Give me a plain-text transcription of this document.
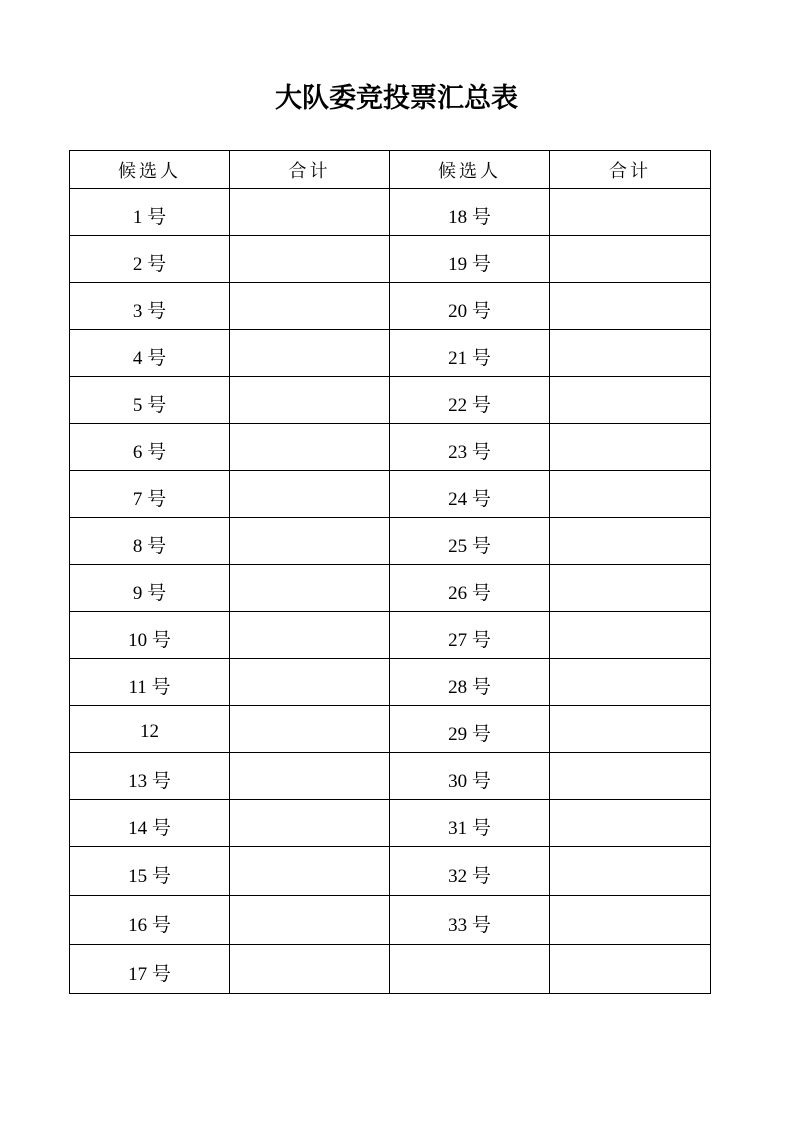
大队委竞投票汇总表
候选人	合计	候选人	合计
1 号		18 号	
2 号		19 号	
3 号		20 号	
4 号		21 号	
5 号		22 号	
6 号		23 号	
7 号		24 号	
8 号		25 号	
9 号		26 号	
10 号		27 号	
11 号		28 号	
12		29 号	
13 号		30 号	
14 号		31 号	
15 号		32 号	
16 号		33 号	
17 号			
